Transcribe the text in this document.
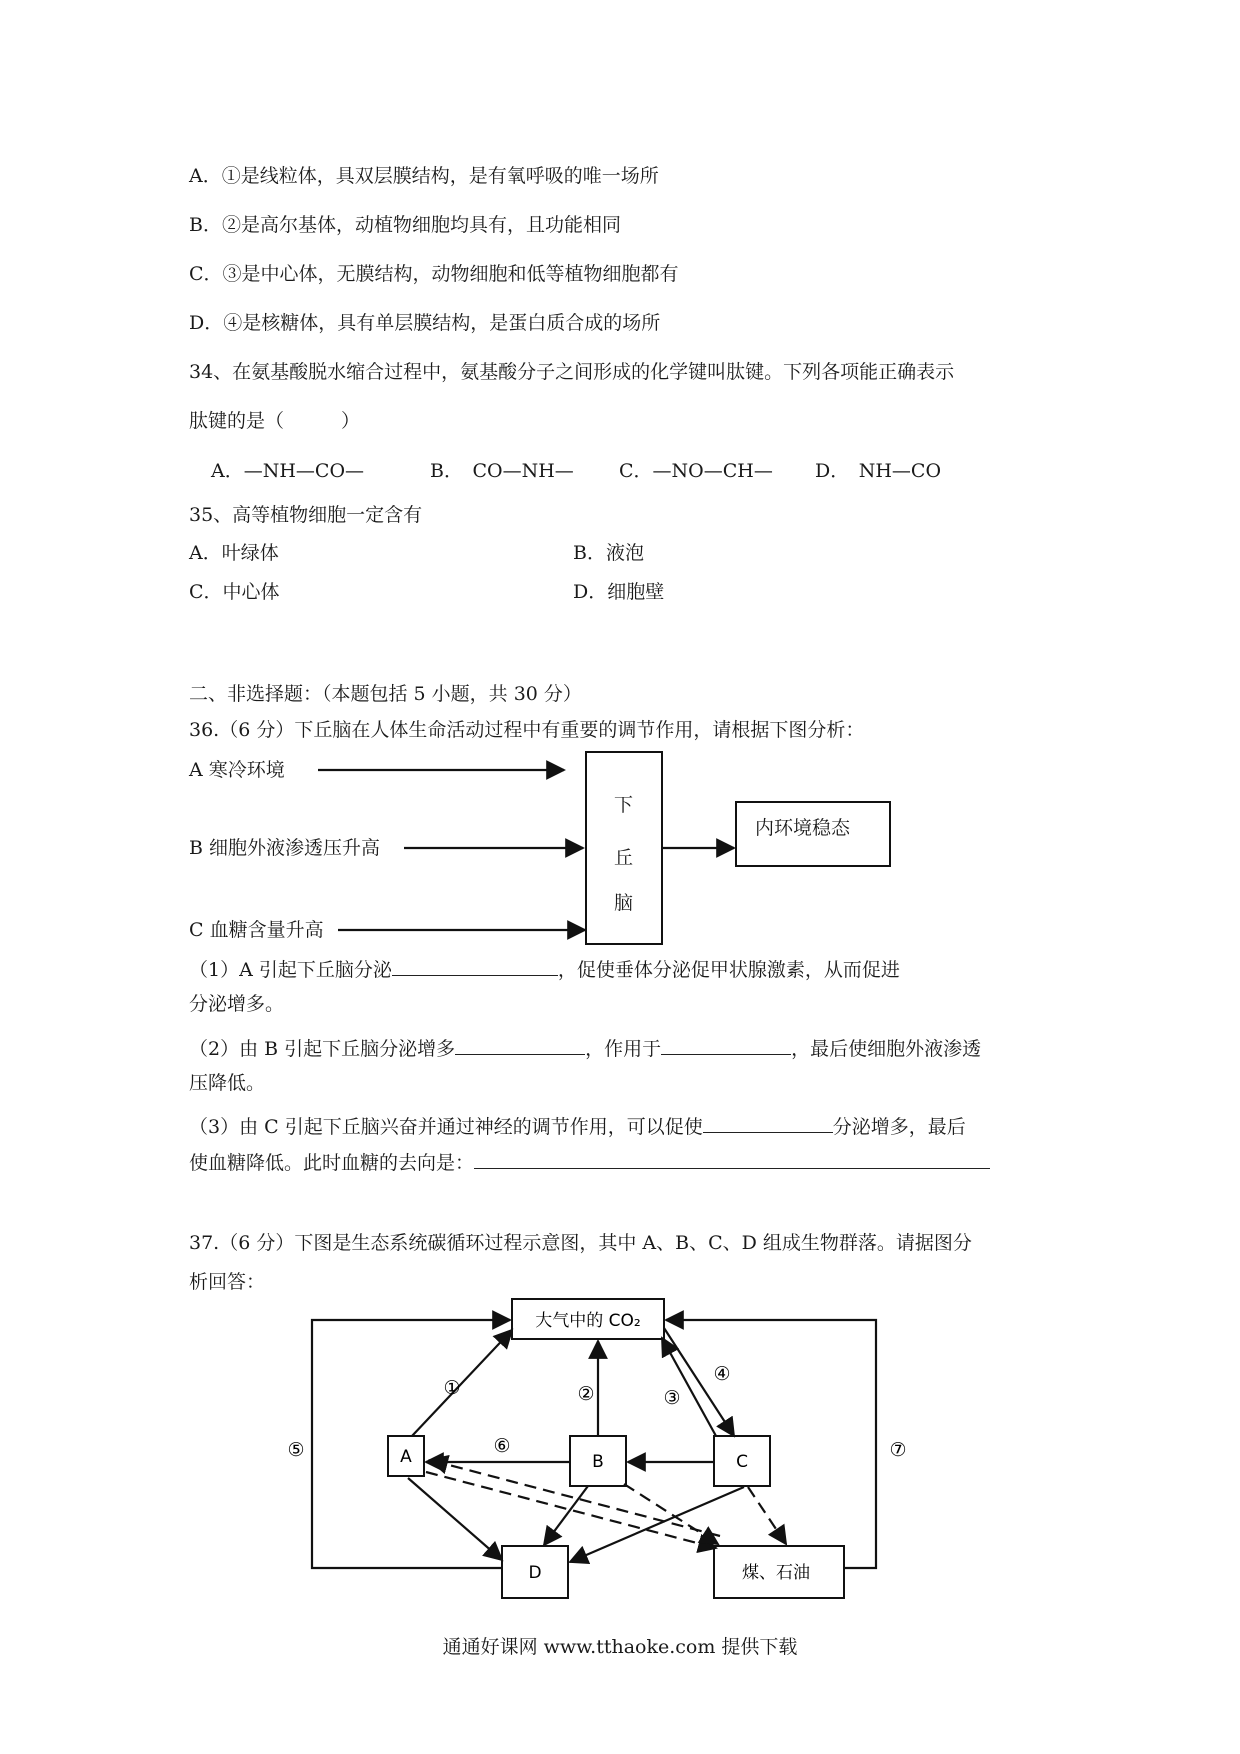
A．①是线粒体，具双层膜结构，是有氧呼吸的唯一场所
B．②是高尔基体，动植物细胞均具有，且功能相同
C．③是中心体，无膜结构，动物细胞和低等植物细胞都有
D．④是核糖体，具有单层膜结构，是蛋白质合成的场所
34、在氨基酸脱水缩合过程中，氨基酸分子之间形成的化学键叫肽键。下列各项能正确表示
肽键的是（　　　）
A．—NH—CO—	B．　CO—NH— C．—NO—CH— D．　NH—CO
35、高等植物细胞一定含有
A．叶绿体	B．液泡
C．中心体	D．细胞壁
二、非选择题：（本题包括 5 小题，共 30 分）
36.（6 分）下丘脑在人体生命活动过程中有重要的调节作用，请根据下图分析：
A 寒冷环境
B 细胞外液渗透压升高
C 血糖含量升高
下
丘
脑
内环境稳态
（1）A 引起下丘脑分泌	，促使垂体分泌促甲状腺激素，从而促进
分泌增多。
（2）由 B 引起下丘脑分泌增多	，作用于	，最后使细胞外液渗透
压降低。
（3）由 C 引起下丘脑兴奋并通过神经的调节作用，可以促使	分泌增多，最后
使血糖降低。此时血糖的去向是：
37.（6 分）下图是生态系统碳循环过程示意图，其中 A、B、C、D 组成生物群落。请据图分
析回答：
大气中的 CO₂
A	B	C
D	煤、石油
①	②	③
④
⑤	⑥	⑦
通通好课网 www.tthaoke.com 提供下载
